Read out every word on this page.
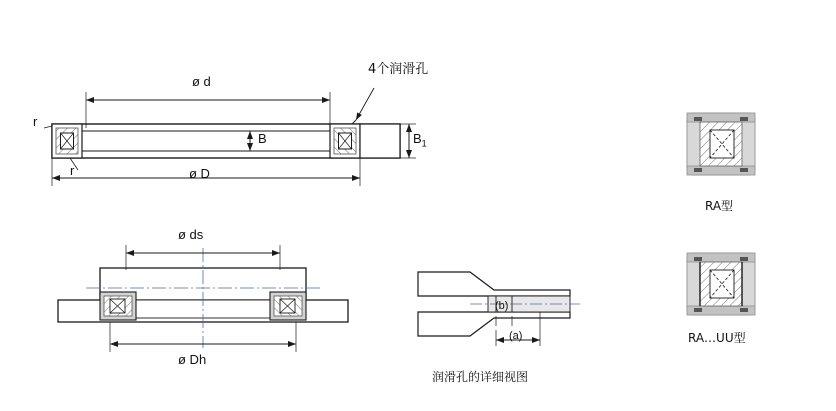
ø d
ø D
B	$B_1$
r
r
4个润滑孔
ø ds
ø Dh
(b)
(a)
润滑孔的详细视图
RA型
RA…UU型
